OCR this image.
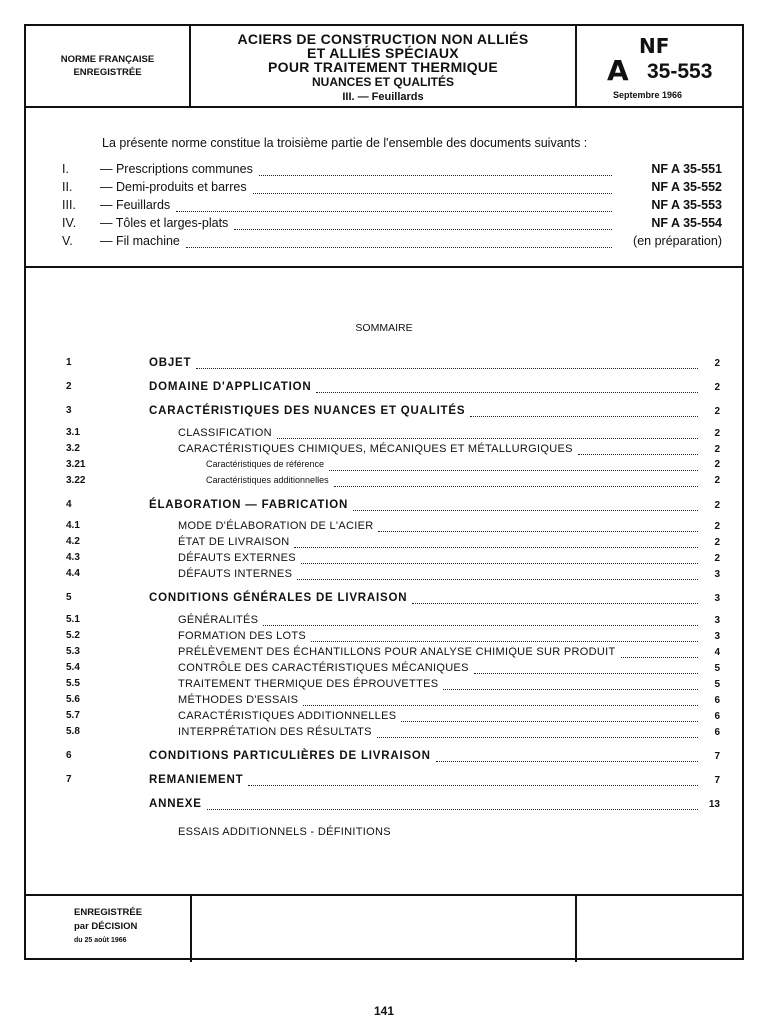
NORME FRANÇAISE
ENREGISTRÉE
ACIERS DE CONSTRUCTION NON ALLIÉS
ET ALLIÉS SPÉCIAUX
POUR TRAITEMENT THERMIQUE
NUANCES ET QUALITÉS
III. — Feuillards
NF
A 35-553
Septembre 1966
La présente norme constitue la troisième partie de l'ensemble des documents suivants :
I.	— Prescriptions communes	NF A 35-551
II.	— Demi-produits et barres	NF A 35-552
III.	— Feuillards	NF A 35-553
IV.	— Tôles et larges-plats	NF A 35-554
V.	— Fil machine	(en préparation)
SOMMAIRE
1	OBJET	2
2	DOMAINE D'APPLICATION	2
3	CARACTÉRISTIQUES DES NUANCES ET QUALITÉS	2
3.1	CLASSIFICATION	2
3.2	CARACTÉRISTIQUES CHIMIQUES, MÉCANIQUES ET MÉTALLURGIQUES	2
3.21	Caractéristiques de référence	2
3.22	Caractéristiques additionnelles	2
4	ÉLABORATION — FABRICATION	2
4.1	MODE D'ÉLABORATION DE L'ACIER	2
4.2	ÉTAT DE LIVRAISON	2
4.3	DÉFAUTS EXTERNES	2
4.4	DÉFAUTS INTERNES	3
5	CONDITIONS GÉNÉRALES DE LIVRAISON	3
5.1	GÉNÉRALITÉS	3
5.2	FORMATION DES LOTS	3
5.3	PRÉLÈVEMENT DES ÉCHANTILLONS POUR ANALYSE CHIMIQUE SUR PRODUIT	4
5.4	CONTRÔLE DES CARACTÉRISTIQUES MÉCANIQUES	5
5.5	TRAITEMENT THERMIQUE DES ÉPROUVETTES	5
5.6	MÉTHODES D'ESSAIS	6
5.7	CARACTÉRISTIQUES ADDITIONNELLES	6
5.8	INTERPRÉTATION DES RÉSULTATS	6
6	CONDITIONS PARTICULIÈRES DE LIVRAISON	7
7	REMANIEMENT	7
ANNEXE	13
ESSAIS ADDITIONNELS - DÉFINITIONS
ENREGISTRÉE
par DÉCISION
du 25 août 1966
141
